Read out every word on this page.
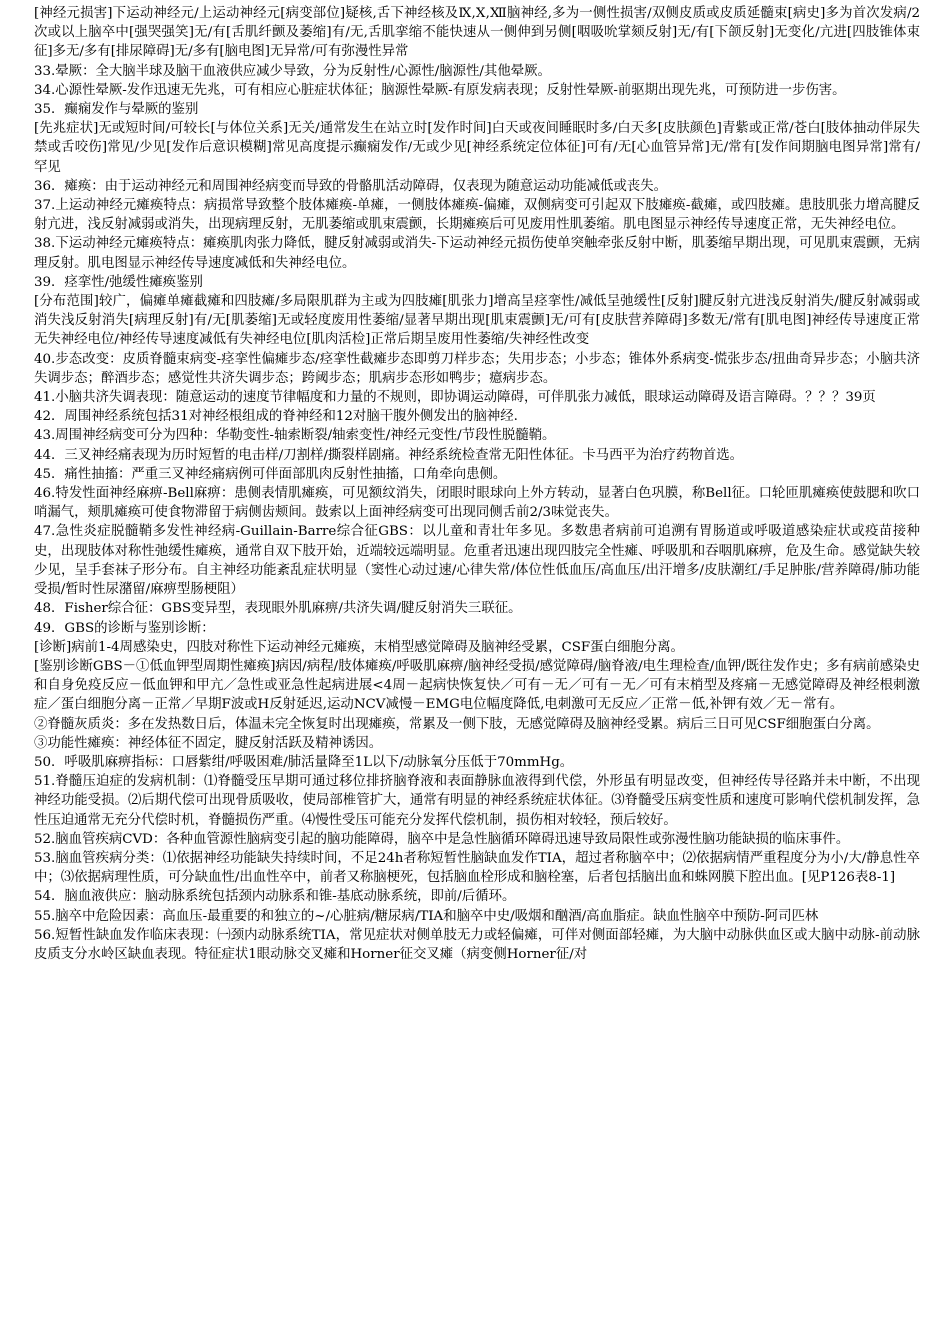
[神经元损害]下运动神经元/上运动神经元[病变部位]疑核,舌下神经核及Ⅸ,Ⅹ,Ⅻ脑神经,多为一侧性损害/双侧皮质或皮质延髓束[病史]多为首次发病/2次或以上脑卒中[强哭强笑]无/有[舌肌纤颤及萎缩]有/无,舌肌挛缩不能快速从一侧伸到另侧[咽吸吮掌颏反射]无/有[下颌反射]无变化/亢进[四肢锥体束征]多无/多有[排尿障碍]无/多有[脑电图]无异常/可有弥漫性异常

33.晕厥：全大脑半球及脑干血液供应减少导致，分为反射性/心源性/脑源性/其他晕厥。

34.心源性晕厥-发作迅速无先兆，可有相应心脏症状体征；脑源性晕厥-有原发病表现；反射性晕厥-前驱期出现先兆，可预防进一步伤害。

35．癫痫发作与晕厥的鉴别

[先兆症状]无或短时间/可较长[与体位关系]无关/通常发生在站立时[发作时间]白天或夜间睡眠时多/白天多[皮肤颜色]青紫或正常/苍白[肢体抽动伴尿失禁或舌咬伤]常见/少见[发作后意识模糊]常见高度提示癫痫发作/无或少见[神经系统定位体征]可有/无[心血管异常]无/常有[发作间期脑电图异常]常有/罕见

36．瘫痪：由于运动神经元和周围神经病变而导致的骨骼肌活动障碍，仅表现为随意运动功能减低或丧失。

37.上运动神经元瘫痪特点：病损常导致整个肢体瘫痪-单瘫，一侧肢体瘫痪-偏瘫，双侧病变可引起双下肢瘫痪-截瘫，或四肢瘫。患肢肌张力增高腱反射亢进，浅反射减弱或消失，出现病理反射，无肌萎缩或肌束震颤，长期瘫痪后可见废用性肌萎缩。肌电图显示神经传导速度正常，无失神经电位。

38.下运动神经元瘫痪特点：瘫痪肌肉张力降低，腱反射减弱或消失-下运动神经元损伤使单突触牵张反射中断，肌萎缩早期出现，可见肌束震颤，无病理反射。肌电图显示神经传导速度减低和失神经电位。

39．痉挛性/弛缓性瘫痪鉴别

[分布范围]较广，偏瘫单瘫截瘫和四肢瘫/多局限肌群为主或为四肢瘫[肌张力]增高呈痉挛性/减低呈弛缓性[反射]腱反射亢进浅反射消失/腱反射减弱或消失浅反射消失[病理反射]有/无[肌萎缩]无或轻度废用性萎缩/显著早期出现[肌束震颤]无/可有[皮肤营养障碍]多数无/常有[肌电图]神经传导速度正常无失神经电位/神经传导速度减低有失神经电位[肌肉活检]正常后期呈废用性萎缩/失神经性改变

40.步态改变：皮质脊髓束病变-痉挛性偏瘫步态/痉挛性截瘫步态即剪刀样步态；失用步态；小步态；锥体外系病变-慌张步态/扭曲奇异步态；小脑共济失调步态；醉酒步态；感觉性共济失调步态；跨阈步态；肌病步态形如鸭步；癔病步态。

41.小脑共济失调表现：随意运动的速度节律幅度和力量的不规则，即协调运动障碍，可伴肌张力减低，眼球运动障碍及语言障碍。？？？39页

42．周围神经系统包括31对神经根组成的脊神经和12对脑干腹外侧发出的脑神经.

43.周围神经病变可分为四种：华勒变性-轴索断裂/轴索变性/神经元变性/节段性脱髓鞘。

44．三叉神经痛表现为历时短暂的电击样/刀割样/撕裂样剧痛。神经系统检查常无阳性体征。卡马西平为治疗药物首选。

45．痛性抽搐：严重三叉神经痛病例可伴面部肌肉反射性抽搐，口角牵向患侧。

46.特发性面神经麻痹-Bell麻痹：患侧表情肌瘫痪，可见额纹消失，闭眼时眼球向上外方转动，显著白色巩膜，称Bell征。口轮匝肌瘫痪使鼓腮和吹口哨漏气，颊肌瘫痪可使食物滞留于病侧齿颊间。鼓索以上面神经病变可出现同侧舌前2/3味觉丧失。

47.急性炎症脱髓鞘多发性神经病-Guillain-Barre综合征GBS：以儿童和青壮年多见。多数患者病前可追溯有胃肠道或呼吸道感染症状或疫苗接种史，出现肢体对称性弛缓性瘫痪，通常自双下肢开始，近端较远端明显。危重者迅速出现四肢完全性瘫、呼吸肌和吞咽肌麻痹，危及生命。感觉缺失较少见，呈手套袜子形分布。自主神经功能紊乱症状明显（窦性心动过速/心律失常/体位性低血压/高血压/出汗增多/皮肤潮红/手足肿胀/营养障碍/肺功能受损/暂时性尿潴留/麻痹型肠梗阻）

48．Fisher综合征：GBS变异型，表现眼外肌麻痹/共济失调/腱反射消失三联征。

49．GBS的诊断与鉴别诊断：

[诊断]病前1-4周感染史，四肢对称性下运动神经元瘫痪，末梢型感觉障碍及脑神经受累，CSF蛋白细胞分离。

[鉴别诊断GBS－①低血钾型周期性瘫痪]病因/病程/肢体瘫痪/呼吸肌麻痹/脑神经受损/感觉障碍/脑脊液/电生理检查/血钾/既往发作史；多有病前感染史和自身免疫反应－低血钾和甲亢／急性或亚急性起病进展<4周－起病快恢复快／可有－无／可有－无／可有末梢型及疼痛－无感觉障碍及神经根刺激症／蛋白细胞分离－正常／早期F波或H反射延迟,运动NCV减慢－EMG电位幅度降低,电刺激可无反应／正常－低,补钾有效／无－常有。

②脊髓灰质炎：多在发热数日后，体温未完全恢复时出现瘫痪，常累及一侧下肢，无感觉障碍及脑神经受累。病后三日可见CSF细胞蛋白分离。

③功能性瘫痪：神经体征不固定，腱反射活跃及精神诱因。

50．呼吸肌麻痹指标：口唇紫绀/呼吸困难/肺活量降至1L以下/动脉氧分压低于70mmHg。

51.脊髓压迫症的发病机制：⑴脊髓受压早期可通过移位排挤脑脊液和表面静脉血液得到代偿，外形虽有明显改变，但神经传导径路并未中断，不出现神经功能受损。⑵后期代偿可出现骨质吸收，使局部椎管扩大，通常有明显的神经系统症状体征。⑶脊髓受压病变性质和速度可影响代偿机制发挥，急性压迫通常无充分代偿时机，脊髓损伤严重。⑷慢性受压可能充分发挥代偿机制，损伤相对较轻，预后较好。

52.脑血管疾病CVD：各种血管源性脑病变引起的脑功能障碍，脑卒中是急性脑循环障碍迅速导致局限性或弥漫性脑功能缺损的临床事件。

53.脑血管疾病分类：⑴依据神经功能缺失持续时间，不足24h者称短暂性脑缺血发作TIA，超过者称脑卒中；⑵依据病情严重程度分为小/大/静息性卒中；⑶依据病理性质，可分缺血性/出血性卒中，前者又称脑梗死，包括脑血栓形成和脑栓塞，后者包括脑出血和蛛网膜下腔出血。[见P126表8-1]

54．脑血液供应：脑动脉系统包括颈内动脉系和锥-基底动脉系统，即前/后循环。

55.脑卒中危险因素：高血压-最重要的和独立的~/心脏病/糖尿病/TIA和脑卒中史/吸烟和酗酒/高血脂症。缺血性脑卒中预防-阿司匹林

56.短暂性缺血发作临床表现：㈠颈内动脉系统TIA，常见症状对侧单肢无力或轻偏瘫，可伴对侧面部轻瘫，为大脑中动脉供血区或大脑中动脉-前动脉皮质支分水岭区缺血表现。特征症状1眼动脉交叉瘫和Horner征交叉瘫（病变侧Horner征/对
